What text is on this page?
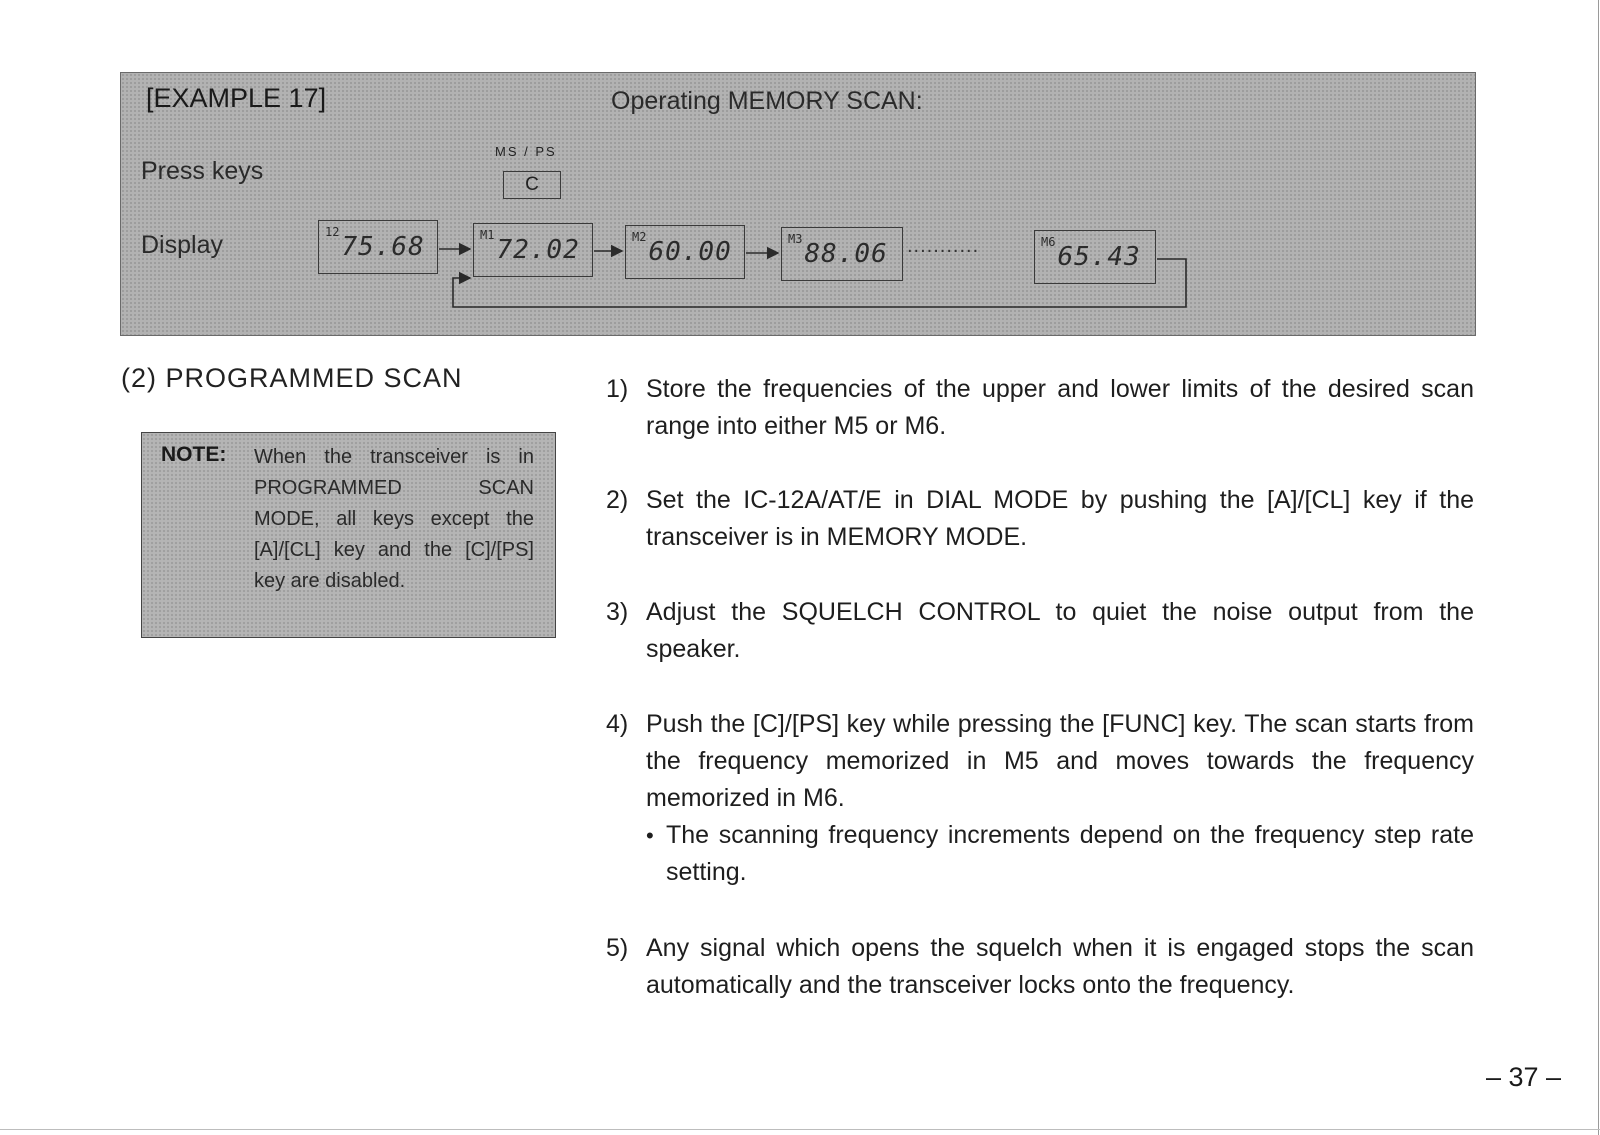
[EXAMPLE 17]	Operating MEMORY SCAN:
Press keys
MS / PS
C
Display	$^{12}$75.68	$^{M1}$72.02	$^{M2}$60.00	$^{M3}$88.06	$^{M6}$65.43
...........
(2) PROGRAMMED SCAN
NOTE: When the transceiver is in PROGRAMMED SCAN MODE, all keys except the [A]/[CL] key and the [C]/[PS] key are disabled.
1) Store the frequencies of the upper and lower limits of the desired scan range into either M5 or M6.
2) Set the IC-12A/AT/E in DIAL MODE by pushing the [A]/[CL] key if the transceiver is in MEMORY MODE.
3) Adjust the SQUELCH CONTROL to quiet the noise output from the speaker.
4) Push the [C]/[PS] key while pressing the [FUNC] key. The scan starts from the frequency memorized in M5 and moves towards the frequency memorized in M6.
• The scanning frequency increments depend on the frequency step rate setting.
5) Any signal which opens the squelch when it is engaged stops the scan automatically and the transceiver locks onto the frequency.
– 37 –
